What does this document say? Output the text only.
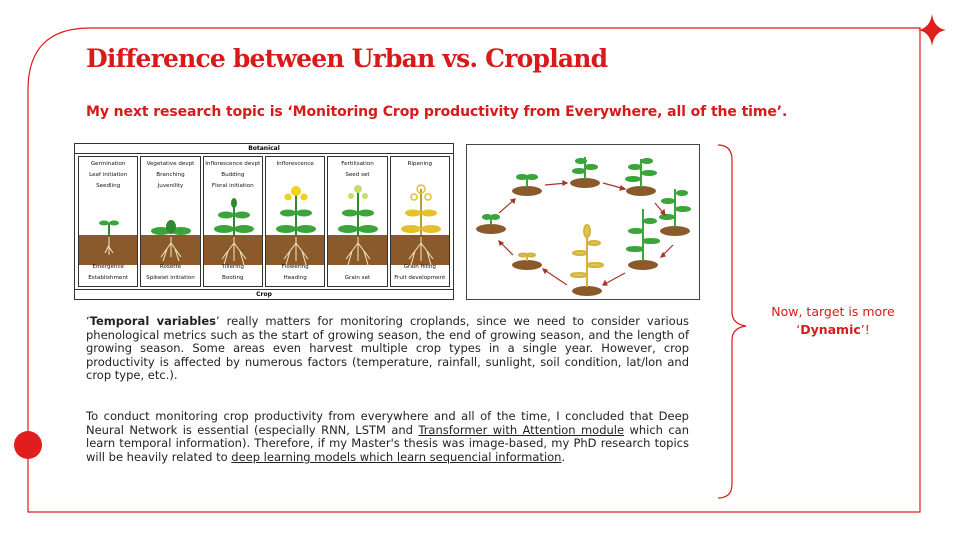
Difference between Urban vs. Cropland
My next research topic is ‘Monitoring Crop productivity from Everywhere, all of the time’.
Botanical
Germination
Leaf initiation
Seedling
Emergence
Establishment
Vegetative devpt
Branching
Juvenility
Rosette
Spikelet initiation
Inflorescence devpt
Budding
Floral initiation
Tillering
Booting
Inflorescence
Flowering
Heading
Fertilisation
Seed set
Grain set
Ripening
Grain filling
Fruit development
Crop
‘Temporal variables’ really matters for monitoring croplands, since we need to consider various phenological metrics such as the start of growing season, the end of growing season, and the length of growing season. Some areas even harvest multiple crop types in a single year. However, crop productivity is affected by numerous factors (temperature, rainfall, sunlight, soil condition, lat/lon and crop type, etc.).
To conduct monitoring crop productivity from everywhere and all of the time, I concluded that Deep Neural Network is essential (especially RNN, LSTM and Transformer with Attention module which can learn temporal information). Therefore, if my Master's thesis was image-based, my PhD research topics will be heavily related to deep learning models which learn sequencial information.
Now, target is more
‘Dynamic’!
